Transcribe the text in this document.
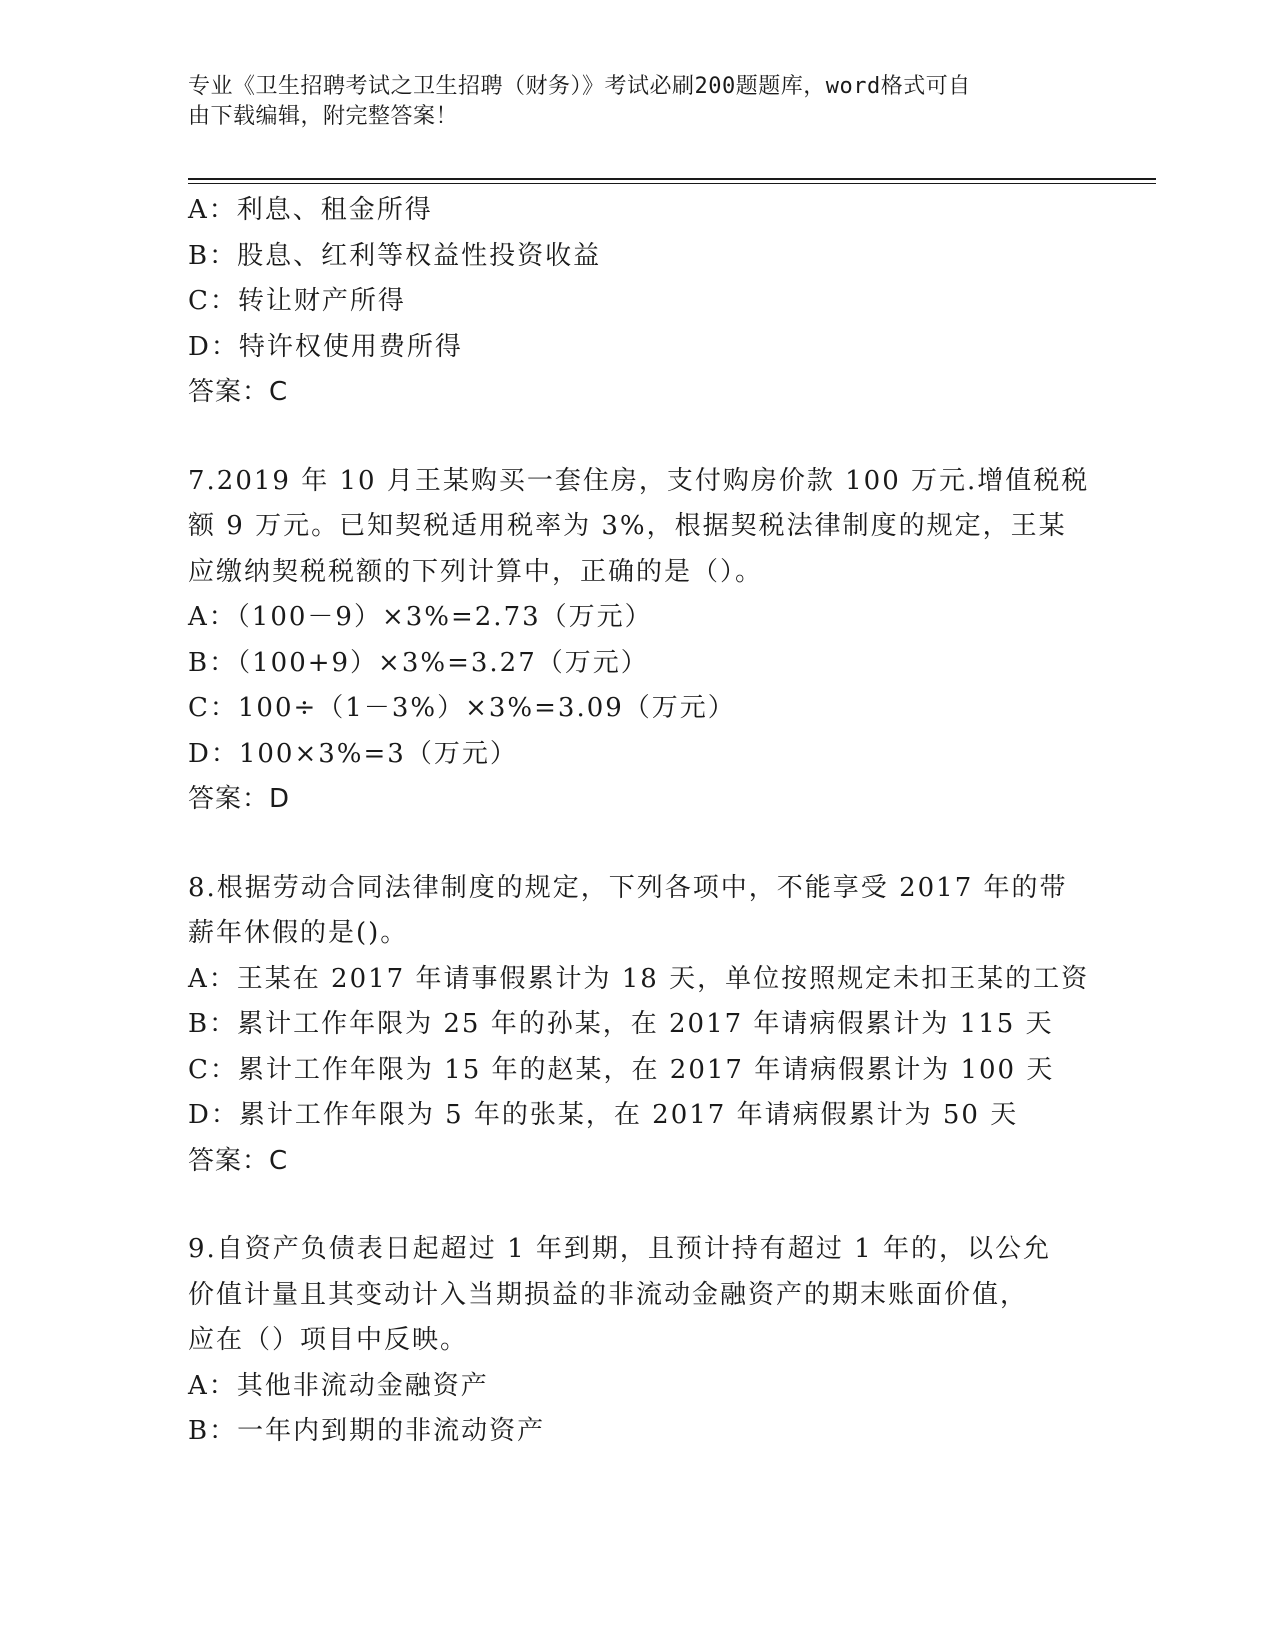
专业《卫生招聘考试之卫生招聘（财务）》考试必刷200题题库，word格式可自
由下载编辑，附完整答案！
A：利息、租金所得
B：股息、红利等权益性投资收益
C：转让财产所得
D：特许权使用费所得
答案：C
7.2019 年 10 月王某购买一套住房，支付购房价款 100 万元.增值税税
额 9 万元。已知契税适用税率为 3%，根据契税法律制度的规定，王某
应缴纳契税税额的下列计算中，正确的是（）。
A：（100－9）×3%=2.73（万元）
B：（100+9）×3%=3.27（万元）
C：100÷（1－3%）×3%=3.09（万元）
D：100×3%=3（万元）
答案：D
8.根据劳动合同法律制度的规定，下列各项中，不能享受 2017 年的带
薪年休假的是()。
A：王某在 2017 年请事假累计为 18 天，单位按照规定未扣王某的工资
B：累计工作年限为 25 年的孙某，在 2017 年请病假累计为 115 天
C：累计工作年限为 15 年的赵某，在 2017 年请病假累计为 100 天
D：累计工作年限为 5 年的张某，在 2017 年请病假累计为 50 天
答案：C
9.自资产负债表日起超过 1 年到期，且预计持有超过 1 年的，以公允
价值计量且其变动计入当期损益的非流动金融资产的期末账面价值，
应在（）项目中反映。
A：其他非流动金融资产
B：一年内到期的非流动资产
